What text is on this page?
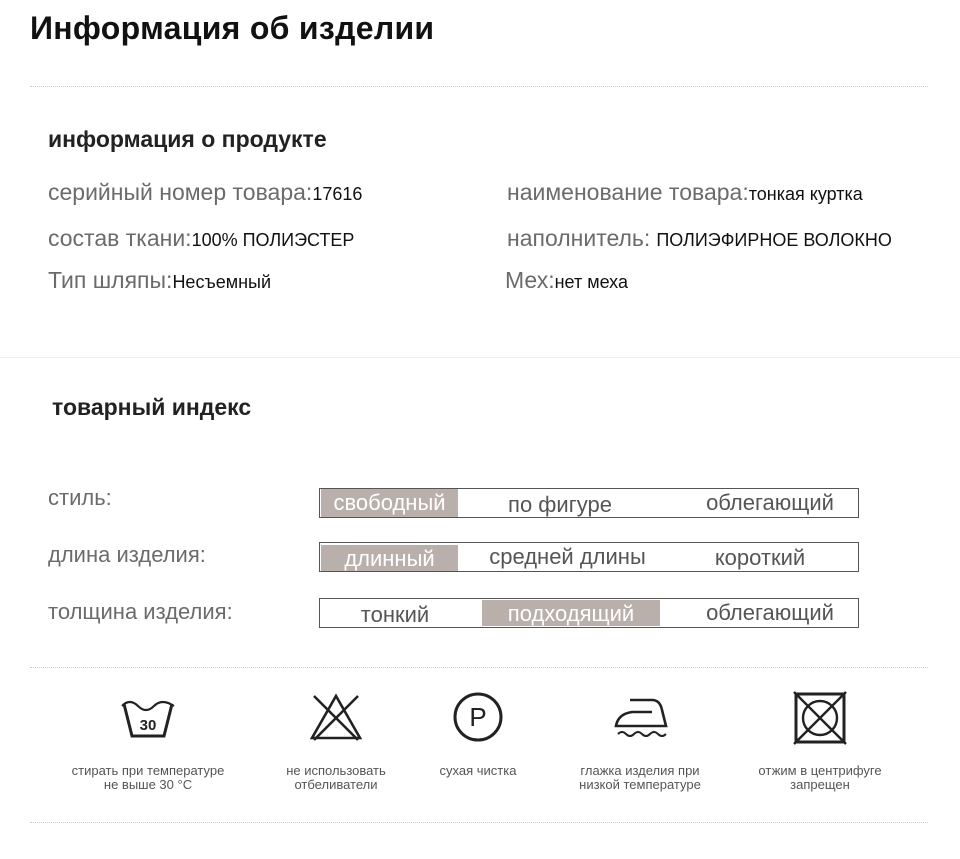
Информация об изделии
информация о продукте
серийный номер товара: 17616	наименование товара: тонкая куртка
состав ткани: 100% ПОЛИЭСТЕР	наполнитель: ПОЛИЭФИРНОЕ ВОЛОКНО
Тип шляпы: Несъемный	Мех: нет меха
товарный индекс
стиль:	свободный	по фигуре	облегающий
длина изделия:	длинный	средней длины	короткий
толщина изделия:	тонкий	подходящий	облегающий
30
стирать при температуре
не выше 30 °C
не использовать
отбеливатели
P
сухая чистка	глажка изделия при
низкой температуре
отжим в центрифуге
запрещен
